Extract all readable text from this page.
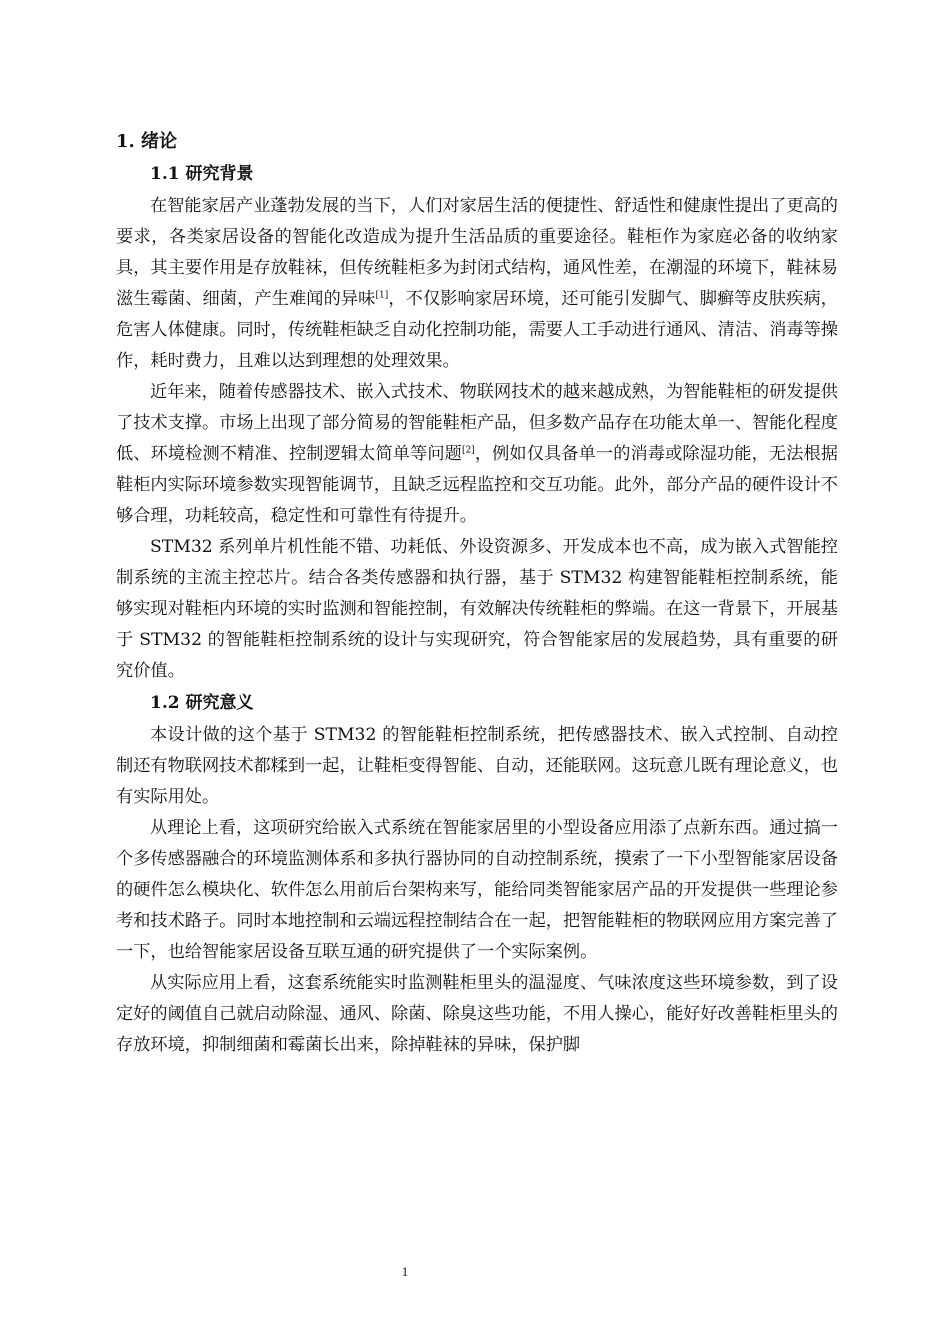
1. 绪论
1.1 研究背景

在智能家居产业蓬勃发展的当下，人们对家居生活的便捷性、舒适性和健康性提出了更高的要求，各类家居设备的智能化改造成为提升生活品质的重要途径。鞋柜作为家庭必备的收纳家具，其主要作用是存放鞋袜，但传统鞋柜多为封闭式结构，通风性差，在潮湿的环境下，鞋袜易滋生霉菌、细菌，产生难闻的异味[1]，不仅影响家居环境，还可能引发脚气、脚癣等皮肤疾病，危害人体健康。同时，传统鞋柜缺乏自动化控制功能，需要人工手动进行通风、清洁、消毒等操作，耗时费力，且难以达到理想的处理效果。

近年来，随着传感器技术、嵌入式技术、物联网技术的越来越成熟，为智能鞋柜的研发提供了技术支撑。市场上出现了部分简易的智能鞋柜产品，但多数产品存在功能太单一、智能化程度低、环境检测不精准、控制逻辑太简单等问题[2]，例如仅具备单一的消毒或除湿功能，无法根据鞋柜内实际环境参数实现智能调节，且缺乏远程监控和交互功能。此外，部分产品的硬件设计不够合理，功耗较高，稳定性和可靠性有待提升。

STM32 系列单片机性能不错、功耗低、外设资源多、开发成本也不高，成为嵌入式智能控制系统的主流主控芯片。结合各类传感器和执行器，基于 STM32 构建智能鞋柜控制系统，能够实现对鞋柜内环境的实时监测和智能控制，有效解决传统鞋柜的弊端。在这一背景下，开展基于 STM32 的智能鞋柜控制系统的设计与实现研究，符合智能家居的发展趋势，具有重要的研究价值。

1.2 研究意义

本设计做的这个基于 STM32 的智能鞋柜控制系统，把传感器技术、嵌入式控制、自动控制还有物联网技术都糅到一起，让鞋柜变得智能、自动，还能联网。这玩意儿既有理论意义，也有实际用处。

从理论上看，这项研究给嵌入式系统在智能家居里的小型设备应用添了点新东西。通过搞一个多传感器融合的环境监测体系和多执行器协同的自动控制系统，摸索了一下小型智能家居设备的硬件怎么模块化、软件怎么用前后台架构来写，能给同类智能家居产品的开发提供一些理论参考和技术路子。同时本地控制和云端远程控制结合在一起，把智能鞋柜的物联网应用方案完善了一下，也给智能家居设备互联互通的研究提供了一个实际案例。

从实际应用上看，这套系统能实时监测鞋柜里头的温湿度、气味浓度这些环境参数，到了设定好的阈值自己就启动除湿、通风、除菌、除臭这些功能，不用人操心，能好好改善鞋柜里头的存放环境，抑制细菌和霉菌长出来，除掉鞋袜的异味，保护脚

1
